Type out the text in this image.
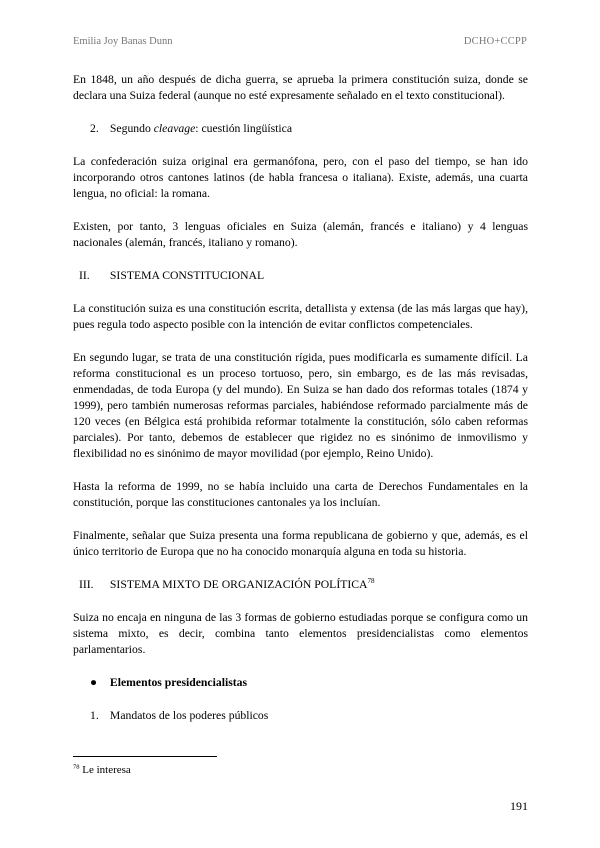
Emilia Joy Banas Dunn	DCHO+CCPP

En 1848, un año después de dicha guerra, se aprueba la primera constitución suiza, donde se declara una Suiza federal (aunque no esté expresamente señalado en el texto constitucional).

2. Segundo cleavage: cuestión lingüística

La confederación suiza original era germanófona, pero, con el paso del tiempo, se han ido incorporando otros cantones latinos (de habla francesa o italiana). Existe, además, una cuarta lengua, no oficial: la romana.

Existen, por tanto, 3 lenguas oficiales en Suiza (alemán, francés e italiano) y 4 lenguas nacionales (alemán, francés, italiano y romano).

II. SISTEMA CONSTITUCIONAL

La constitución suiza es una constitución escrita, detallista y extensa (de las más largas que hay), pues regula todo aspecto posible con la intención de evitar conflictos competenciales.

En segundo lugar, se trata de una constitución rígida, pues modificarla es sumamente difícil. La reforma constitucional es un proceso tortuoso, pero, sin embargo, es de las más revisadas, enmendadas, de toda Europa (y del mundo). En Suiza se han dado dos reformas totales (1874 y 1999), pero también numerosas reformas parciales, habiéndose reformado parcialmente más de 120 veces (en Bélgica está prohibida reformar totalmente la constitución, sólo caben reformas parciales). Por tanto, debemos de establecer que rigidez no es sinónimo de inmovilismo y flexibilidad no es sinónimo de mayor movilidad (por ejemplo, Reino Unido).

Hasta la reforma de 1999, no se había incluido una carta de Derechos Fundamentales en la constitución, porque las constituciones cantonales ya los incluían.

Finalmente, señalar que Suiza presenta una forma republicana de gobierno y que, además, es el único territorio de Europa que no ha conocido monarquía alguna en toda su historia.

III. SISTEMA MIXTO DE ORGANIZACIÓN POLÍTICA$^{78}$

Suiza no encaja en ninguna de las 3 formas de gobierno estudiadas porque se configura como un sistema mixto, es decir, combina tanto elementos presidencialistas como elementos parlamentarios.

● Elementos presidencialistas
1. Mandatos de los poderes públicos
$^{78}$ Le interesa
191
